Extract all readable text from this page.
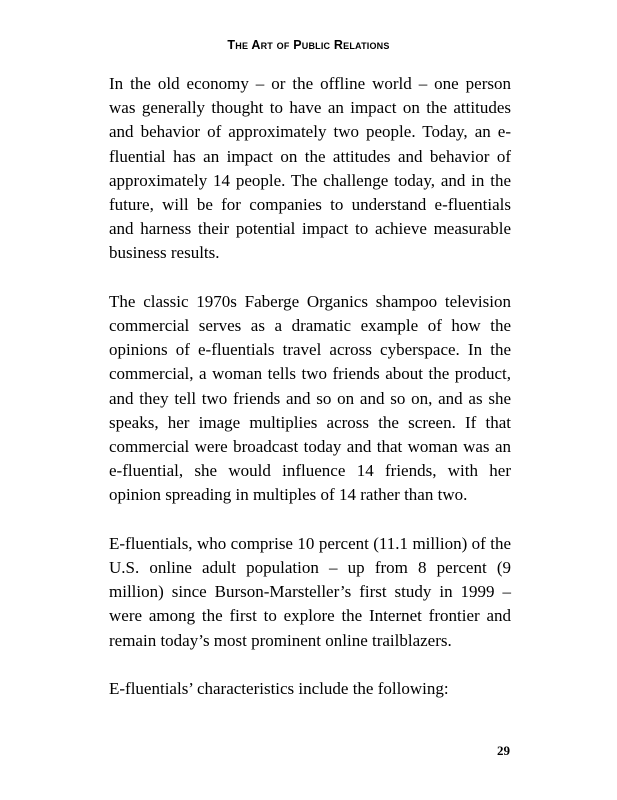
The Art of Public Relations

In the old economy – or the offline world – one person was generally thought to have an impact on the attitudes and behavior of approximately two people. Today, an e-fluential has an impact on the attitudes and behavior of approximately 14 people. The challenge today, and in the future, will be for companies to understand e-fluentials and harness their potential impact to achieve measurable business results.

The classic 1970s Faberge Organics shampoo television commercial serves as a dramatic example of how the opinions of e-fluentials travel across cyberspace. In the commercial, a woman tells two friends about the product, and they tell two friends and so on and so on, and as she speaks, her image multiplies across the screen. If that commercial were broadcast today and that woman was an e-fluential, she would influence 14 friends, with her opinion spreading in multiples of 14 rather than two.

E-fluentials, who comprise 10 percent (11.1 million) of the U.S. online adult population – up from 8 percent (9 million) since Burson-Marsteller’s first study in 1999 – were among the first to explore the Internet frontier and remain today’s most prominent online trailblazers.

E-fluentials’ characteristics include the following:

29
